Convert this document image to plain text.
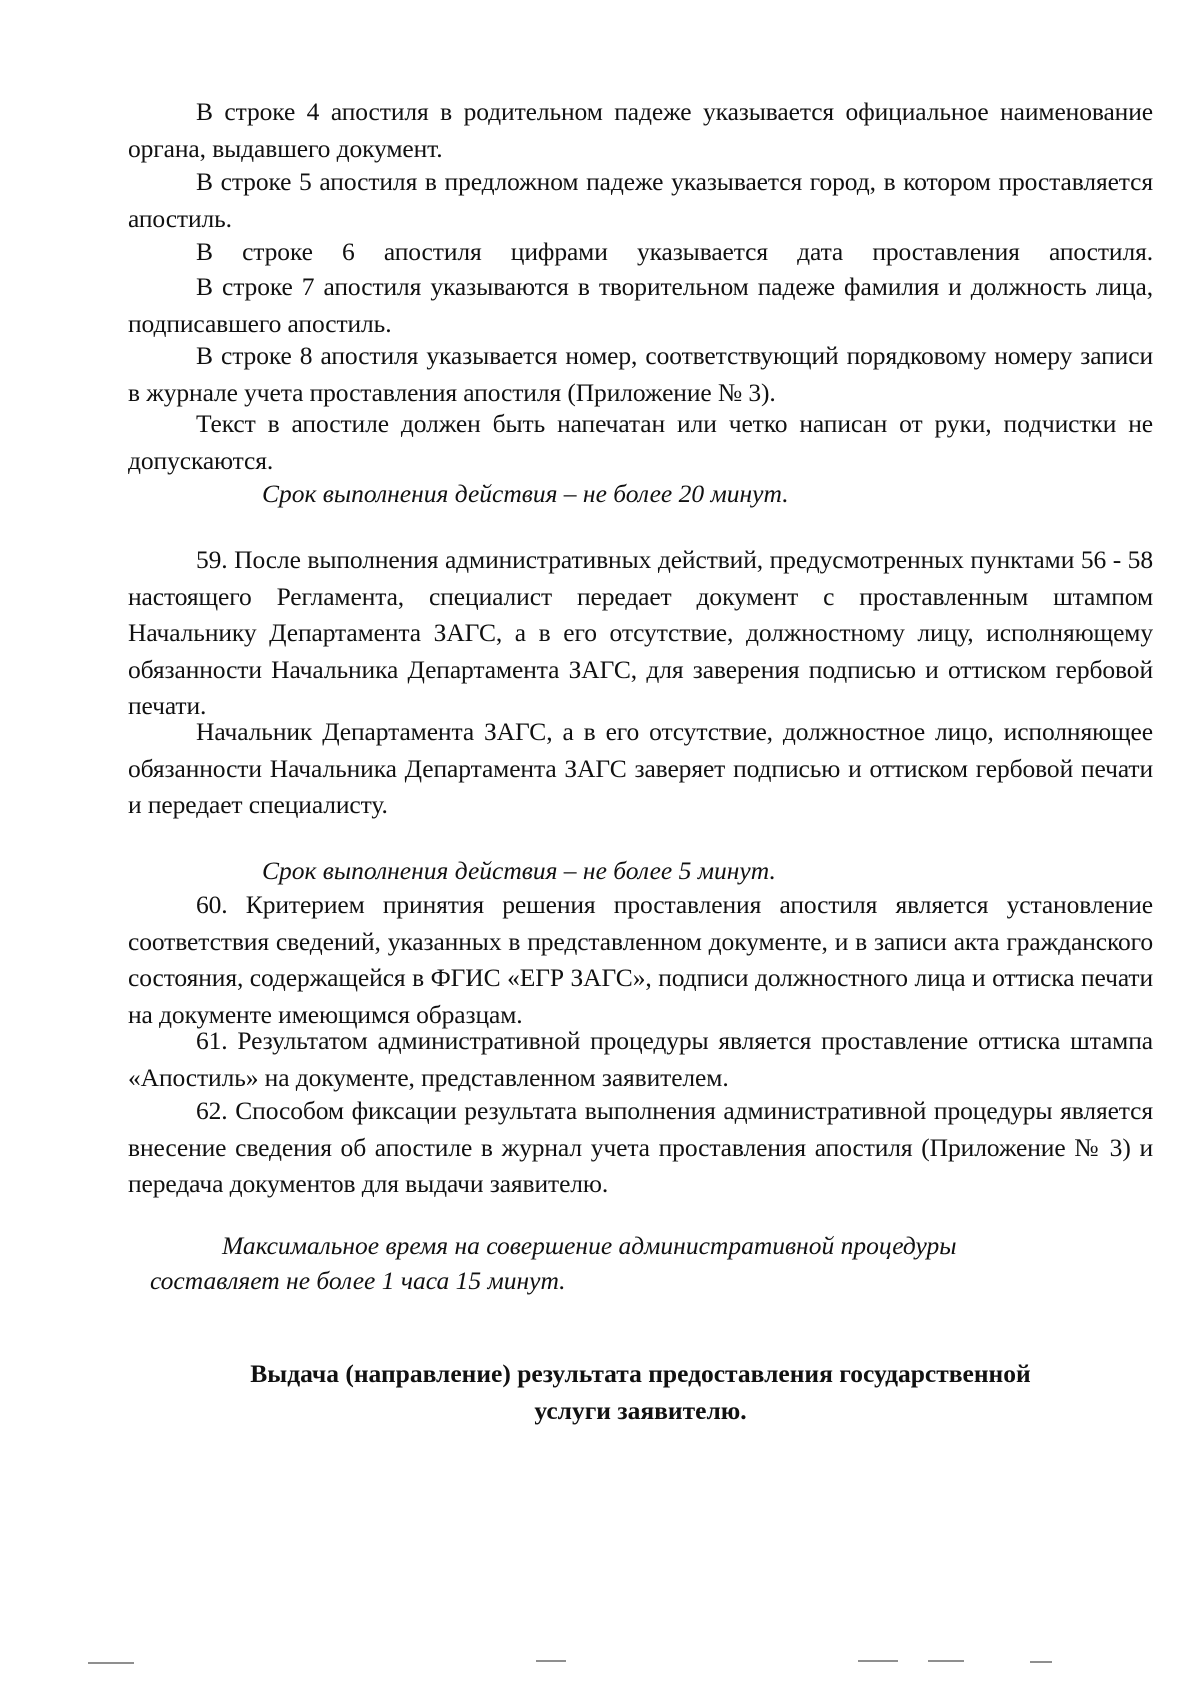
В строке 4 апостиля в родительном падеже указывается официальное наименование органа, выдавшего документ.

В строке 5 апостиля в предложном падеже указывается город, в котором проставляется апостиль.

В строке 6 апостиля цифрами указывается дата проставления апостиля.

В строке 7 апостиля указываются в творительном падеже фамилия и должность лица, подписавшего апостиль.

В строке 8 апостиля указывается номер, соответствующий порядковому номеру записи в журнале учета проставления апостиля (Приложение № 3).

Текст в апостиле должен быть напечатан или четко написан от руки, подчистки не допускаются.

Срок выполнения действия – не более 20 минут.

59. После выполнения административных действий, предусмотренных пунктами 56 - 58 настоящего Регламента, специалист передает документ с проставленным штампом Начальнику Департамента ЗАГС, а в его отсутствие, должностному лицу, исполняющему обязанности Начальника Департамента ЗАГС, для заверения подписью и оттиском гербовой печати.

Начальник Департамента ЗАГС, а в его отсутствие, должностное лицо, исполняющее обязанности Начальника Департамента ЗАГС заверяет подписью и оттиском гербовой печати и передает специалисту.

Срок выполнения действия – не более 5 минут.

60. Критерием принятия решения проставления апостиля является установление соответствия сведений, указанных в представленном документе, и в записи акта гражданского состояния, содержащейся в ФГИС «ЕГР ЗАГС», подписи должностного лица и оттиска печати на документе имеющимся образцам.

61. Результатом административной процедуры является проставление оттиска штампа «Апостиль» на документе, представленном заявителем.

62. Способом фиксации результата выполнения административной процедуры является внесение сведения об апостиле в журнал учета проставления апостиля (Приложение № 3) и передача документов для выдачи заявителю.

Максимальное время на совершение административной процедуры

составляет не более 1 часа 15 минут.

Выдача (направление) результата предоставления государственной

услуги заявителю.
